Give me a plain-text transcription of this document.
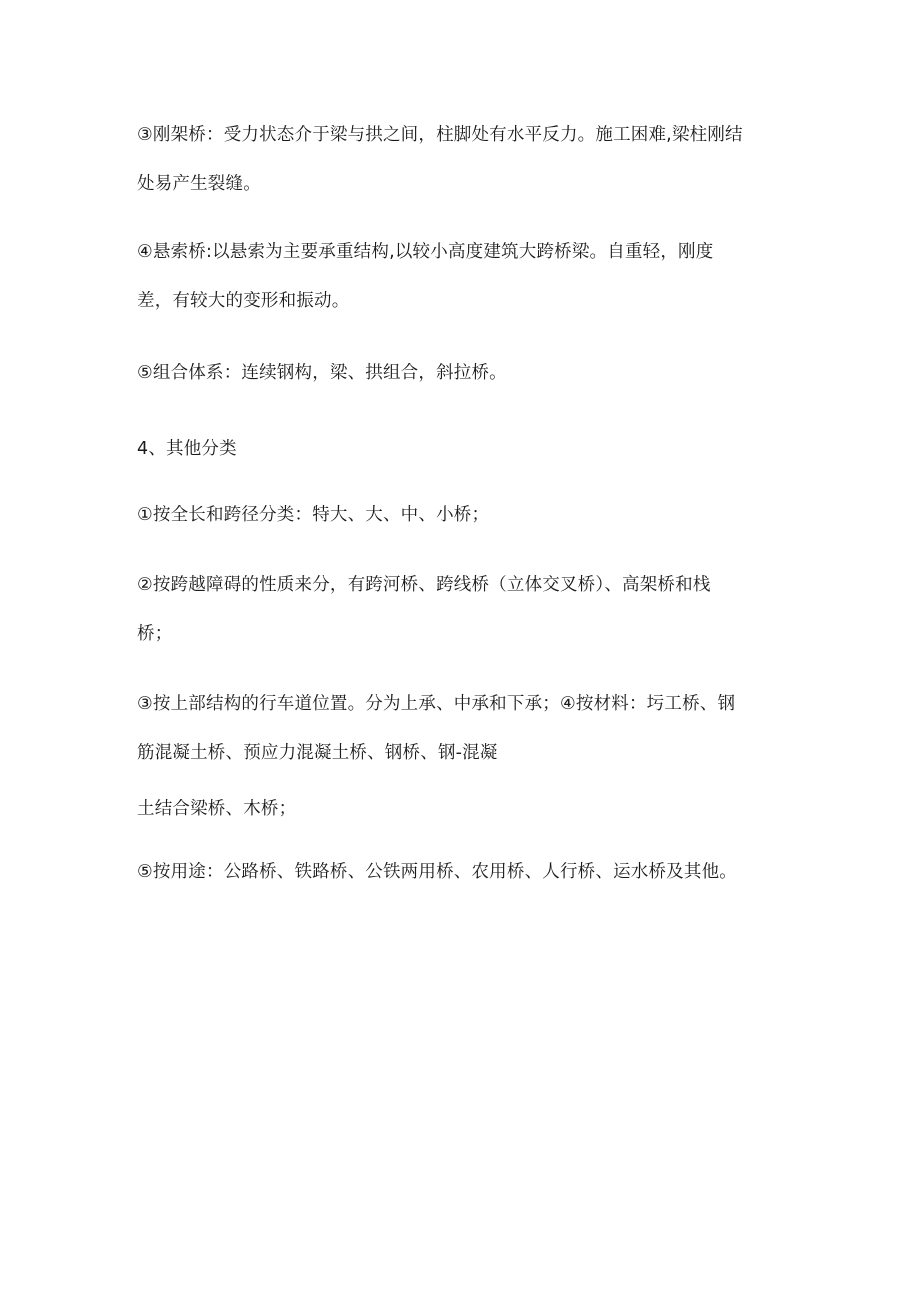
③刚架桥：受力状态介于梁与拱之间，柱脚处有水平反力。施工困难,梁柱刚结
处易产生裂缝。
④悬索桥:以悬索为主要承重结构,以较小高度建筑大跨桥梁。自重轻，刚度
差，有较大的变形和振动。
⑤组合体系：连续钢构，梁、拱组合，斜拉桥。
4、其他分类
①按全长和跨径分类：特大、大、中、小桥；
②按跨越障碍的性质来分，有跨河桥、跨线桥（立体交叉桥）、高架桥和栈
桥；
③按上部结构的行车道位置。分为上承、中承和下承；④按材料：圬工桥、钢
筋混凝土桥、预应力混凝土桥、钢桥、钢-混凝
土结合梁桥、木桥；
⑤按用途：公路桥、铁路桥、公铁两用桥、农用桥、人行桥、运水桥及其他。
